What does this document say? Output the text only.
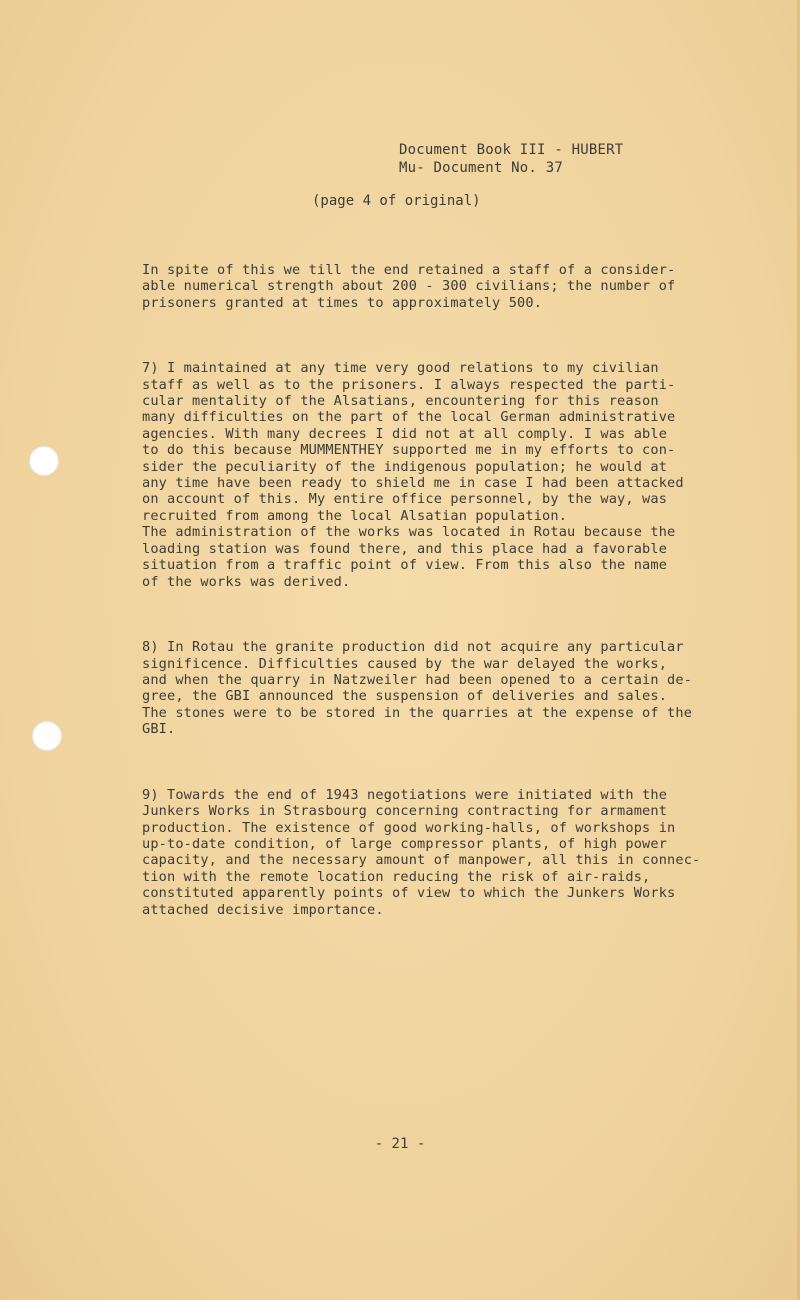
Document Book III - HUBERT
Mu- Document No. 37
(page 4 of original)

In spite of this we till the end retained a staff of a consider-
able numerical strength about 200 - 300 civilians; the number of
prisoners granted at times to approximately 500.

7) I maintained at any time very good relations to my civilian
staff as well as to the prisoners. I always respected the parti-
cular mentality of the Alsatians, encountering for this reason
many difficulties on the part of the local German administrative
agencies. With many decrees I did not at all comply. I was able
to do this because MUMMENTHEY supported me in my efforts to con-
sider the peculiarity of the indigenous population; he would at
any time have been ready to shield me in case I had been attacked
on account of this. My entire office personnel, by the way, was
recruited from among the local Alsatian population.
The administration of the works was located in Rotau because the
loading station was found there, and this place had a favorable
situation from a traffic point of view. From this also the name
of the works was derived.

8) In Rotau the granite production did not acquire any particular
significence. Difficulties caused by the war delayed the works,
and when the quarry in Natzweiler had been opened to a certain de-
gree, the GBI announced the suspension of deliveries and sales.
The stones were to be stored in the quarries at the expense of the
GBI.

9) Towards the end of 1943 negotiations were initiated with the
Junkers Works in Strasbourg concerning contracting for armament
production. The existence of good working-halls, of workshops in
up-to-date condition, of large compressor plants, of high power
capacity, and the necessary amount of manpower, all this in connec-
tion with the remote location reducing the risk of air-raids,
constituted apparently points of view to which the Junkers Works
attached decisive importance.

- 21 -
